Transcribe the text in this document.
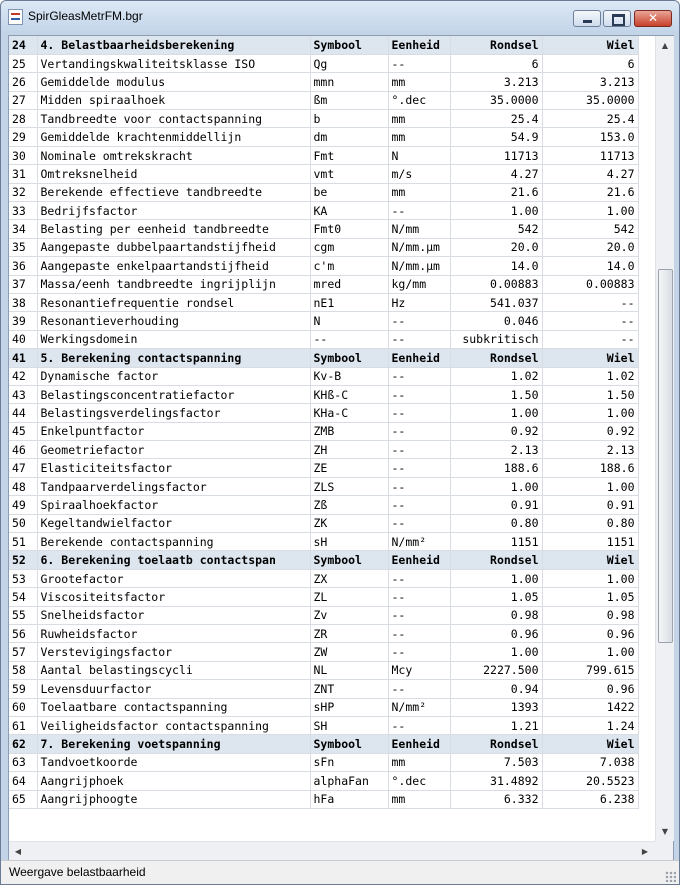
SpirGleasMetrFM.bgr	✕
24	4. Belastbaarheidsberekening	Symbool	Eenheid	Rondsel	Wiel
25	Vertandingskwaliteitsklasse ISO	Qg	--	6	6
26	Gemiddelde modulus	mmn	mm	3.213	3.213
27	Midden spiraalhoek	ßm	°.dec	35.0000	35.0000
28	Tandbreedte voor contactspanning	b	mm	25.4	25.4
29	Gemiddelde krachtenmiddellijn	dm	mm	54.9	153.0
30	Nominale omtrekskracht	Fmt	N	11713	11713
31	Omtreksnelheid	vmt	m/s	4.27	4.27
32	Berekende effectieve tandbreedte	be	mm	21.6	21.6
33	Bedrijfsfactor	KA	--	1.00	1.00
34	Belasting per eenheid tandbreedte	Fmt0	N/mm	542	542
35	Aangepaste dubbelpaartandstijfheid	cgm	N/mm.µm	20.0	20.0
36	Aangepaste enkelpaartandstijfheid	c'm	N/mm.µm	14.0	14.0
37	Massa/eenh tandbreedte ingrijplijn	mred	kg/mm	0.00883	0.00883
38	Resonantiefrequentie rondsel	nE1	Hz	541.037	--
39	Resonantieverhouding	N	--	0.046	--
40	Werkingsdomein	--	--	subkritisch	--
41	5. Berekening contactspanning	Symbool	Eenheid	Rondsel	Wiel
42	Dynamische factor	Kv-B	--	1.02	1.02
43	Belastingsconcentratiefactor	KHß-C	--	1.50	1.50
44	Belastingsverdelingsfactor	KHa-C	--	1.00	1.00
45	Enkelpuntfactor	ZMB	--	0.92	0.92
46	Geometriefactor	ZH	--	2.13	2.13
47	Elasticiteitsfactor	ZE	--	188.6	188.6
48	Tandpaarverdelingsfactor	ZLS	--	1.00	1.00
49	Spiraalhoekfactor	Zß	--	0.91	0.91
50	Kegeltandwielfactor	ZK	--	0.80	0.80
51	Berekende contactspanning	sH	N/mm²	1151	1151
52	6. Berekening toelaatb contactspan	Symbool	Eenheid	Rondsel	Wiel
53	Grootefactor	ZX	--	1.00	1.00
54	Viscositeitsfactor	ZL	--	1.05	1.05
55	Snelheidsfactor	Zv	--	0.98	0.98
56	Ruwheidsfactor	ZR	--	0.96	0.96
57	Verstevigingsfactor	ZW	--	1.00	1.00
58	Aantal belastingscycli	NL	Mcy	2227.500	799.615
59	Levensduurfactor	ZNT	--	0.94	0.96
60	Toelaatbare contactspanning	sHP	N/mm²	1393	1422
61	Veiligheidsfactor contactspanning	SH	--	1.21	1.24
62	7. Berekening voetspanning	Symbool	Eenheid	Rondsel	Wiel
63	Tandvoetkoorde	sFn	mm	7.503	7.038
64	Aangrijphoek	alphaFan	°.dec	31.4892	20.5523
65	Aangrijphoogte	hFa	mm	6.332	6.238
▲
▼
◀	▶
Weergave belastbaarheid
